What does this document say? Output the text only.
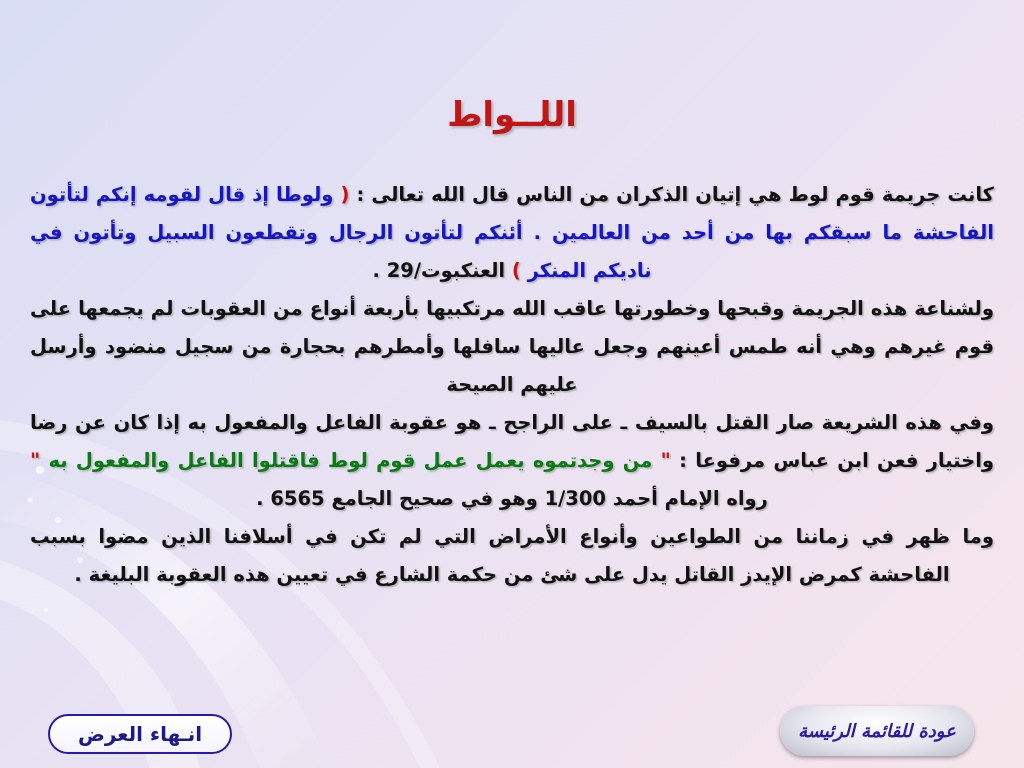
اللــواط

كانت جريمة قوم لوط هي إتيان الذكران من الناس قال الله تعالى : ( ولوطا إذ قال لقومه إنكم لتأتون الفاحشة ما سبقكم بها من أحد من العالمين . أئنكم لتأتون الرجال وتقطعون السبيل وتأتون في ناديكم المنكر ) العنكبوت/29 .

ولشناعة هذه الجريمة وقبحها وخطورتها عاقب الله مرتكبيها بأربعة أنواع من العقوبات لم يجمعها على قوم غيرهم وهي أنه طمس أعينهم وجعل عاليها سافلها وأمطرهم بحجارة من سجيل منضود وأرسل عليهم الصيحة

وفي هذه الشريعة صار القتل بالسيف ـ على الراجح ـ هو عقوبة الفاعل والمفعول به إذا كان عن رضا واختيار فعن ابن عباس مرفوعا : " من وجدتموه يعمل عمل قوم لوط فاقتلوا الفاعل والمفعول به " رواه الإمام أحمد 1/300 وهو في صحيح الجامع 6565 .

وما ظهر في زماننا من الطواعين وأنواع الأمراض التي لم تكن في أسلافنا الذين مضوا بسبب الفاحشة كمرض الإيدز القاتل يدل على شئ من حكمة الشارع في تعيين هذه العقوبة البليغة .

انـهاء العرض	عودة للقائمة الرئيسة
